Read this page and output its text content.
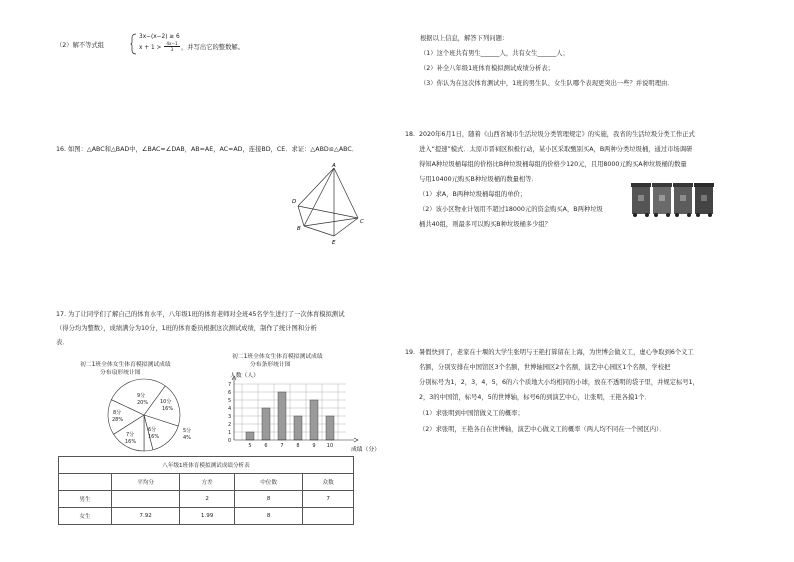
（2）解不等式组
3x−(x−2) ≥ 6
$x + 1 > \frac{4x-1}{3}$ ，并写出它的整数解。
16. 如图：△ABC和△BAD中，∠BAC=∠DAB，AB=AE，AC=AD，连接BD，CE．求证：△ABD≌△ABC．
A
D
B
C
E
17. 为了让同学们了解自己的体育水平，八年级1班的体育老师对全班45名学生进行了一次体育模拟测试
（得分均为整数），成绩满分为10分，1班的体育委员根据这次测试成绩，制作了统计图和分析
表．
初二1班全体女生体育模拟测试成绩
分布扇形统计图
9分
20% 10分
16%
5分
4%
6分
16%
7分
16%
8分
28%
初二1班全体女生体育模拟测试成绩
分布条形统计图
0
1
2
3
4
5
6
7
5	6	7	8	9 10
人数（人）
成绩（分）
八年级1班体育模拟测试成绩分析表				
	平均分	方差	中位数	众数
男生		2	8	7
女生	7.92	1.99	8	
根据以上信息，解答下列问题：
（1）这个班共有男生______人，共有女生______人；
（2）补全八年级1班体育模拟测试成绩分析表；
（3）你认为在这次体育测试中，1班的男生队、女生队哪个表现更突出一些？并说明理由．
18. 2020年6月1日，随着《山西省城市生活垃圾分类管理规定》的实施，我省的生活垃圾分类工作正式
进入“提速”模式．太原市晋祠区积极行动，某小区采取甄别买A，B两种分类垃圾桶，通过市场调研
得知A种垃圾桶每组的价格比B种垃圾桶每组的价格少120元，且用8000元购买A种垃圾桶的数量
与用10400元购买B种垃圾桶的数量相等．
（1）求A，B两种垃圾桶每组的单价；
（2）该小区物业计划用不超过18000元的资金购买A，B两种垃圾
桶共40组，则最多可以购买B种垃圾桶多少组？
19. 暑假快到了，老家在十堰的大学生张明与王艳打算留在上海，为世博会做义工，虚心争取到6个义工
名额，分别安排在中国馆区3个名额，世博轴园区2个名额，演艺中心园区1个名额，学校把
分别标号为1，2，3，4，5，6的六个质地大小均相同的小球，放在不透明的袋子里，并规定标号1，
2，3的中国馆，标号4，5的世博轴，标号6的到演艺中心，让张明，王艳各摸1个．
（1）求张明到中国馆做义工的概率；
（2）求张明，王艳各自在世博轴，演艺中心做义工的概率（两人均不同在一个园区内）．
